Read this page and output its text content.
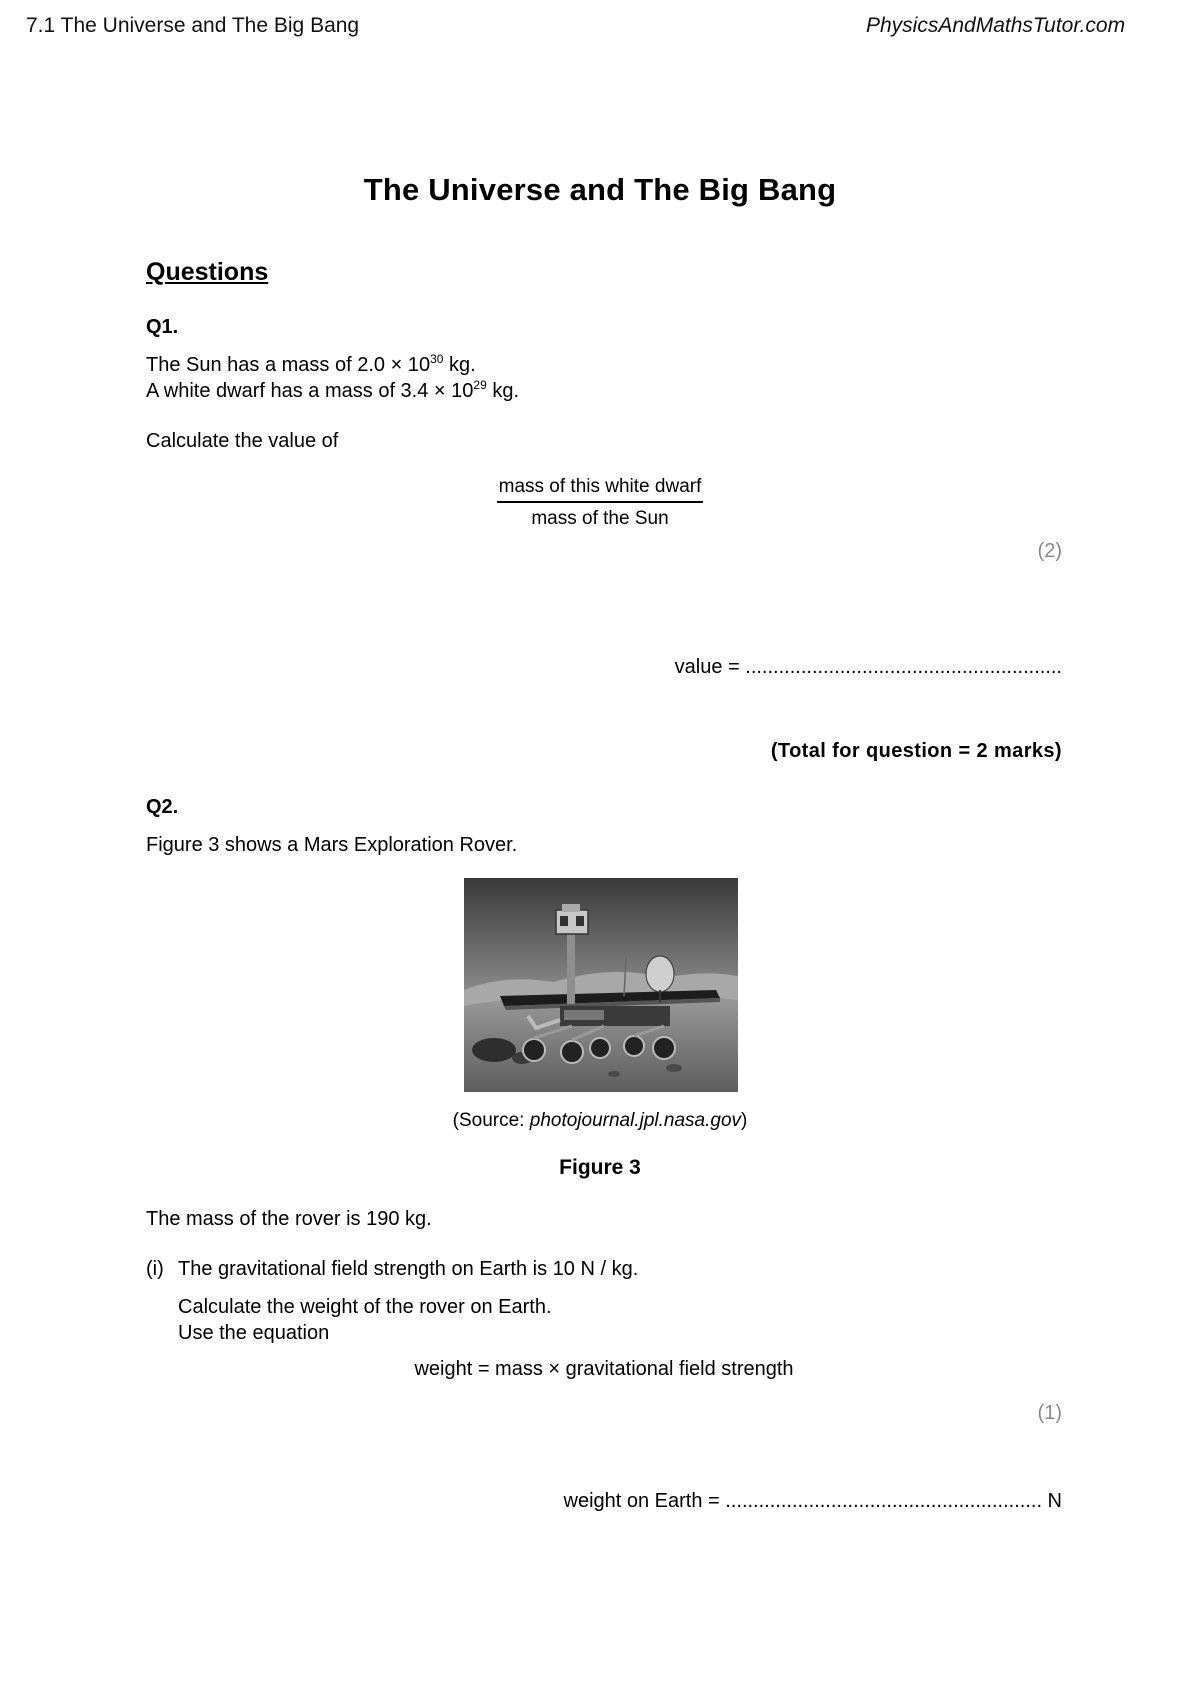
7.1 The Universe and The Big Bang	PhysicsAndMathsTutor.com
The Universe and The Big Bang
Questions
Q1.
The Sun has a mass of $2.0 \times 10^{30}$ kg.
A white dwarf has a mass of $3.4 \times 10^{29}$ kg.
Calculate the value of
$\frac{\text{mass of this white dwarf}}{\text{mass of the Sun}}$
(2)
value = .........................................................
(Total for question = 2 marks)
Q2.
Figure 3 shows a Mars Exploration Rover.
(Source: photojournal.jpl.nasa.gov)
Figure 3
The mass of the rover is 190 kg.
(i) The gravitational field strength on Earth is 10 N / kg.
Calculate the weight of the rover on Earth.
Use the equation
weight = mass × gravitational field strength
(1)
weight on Earth = ......................................................... N
